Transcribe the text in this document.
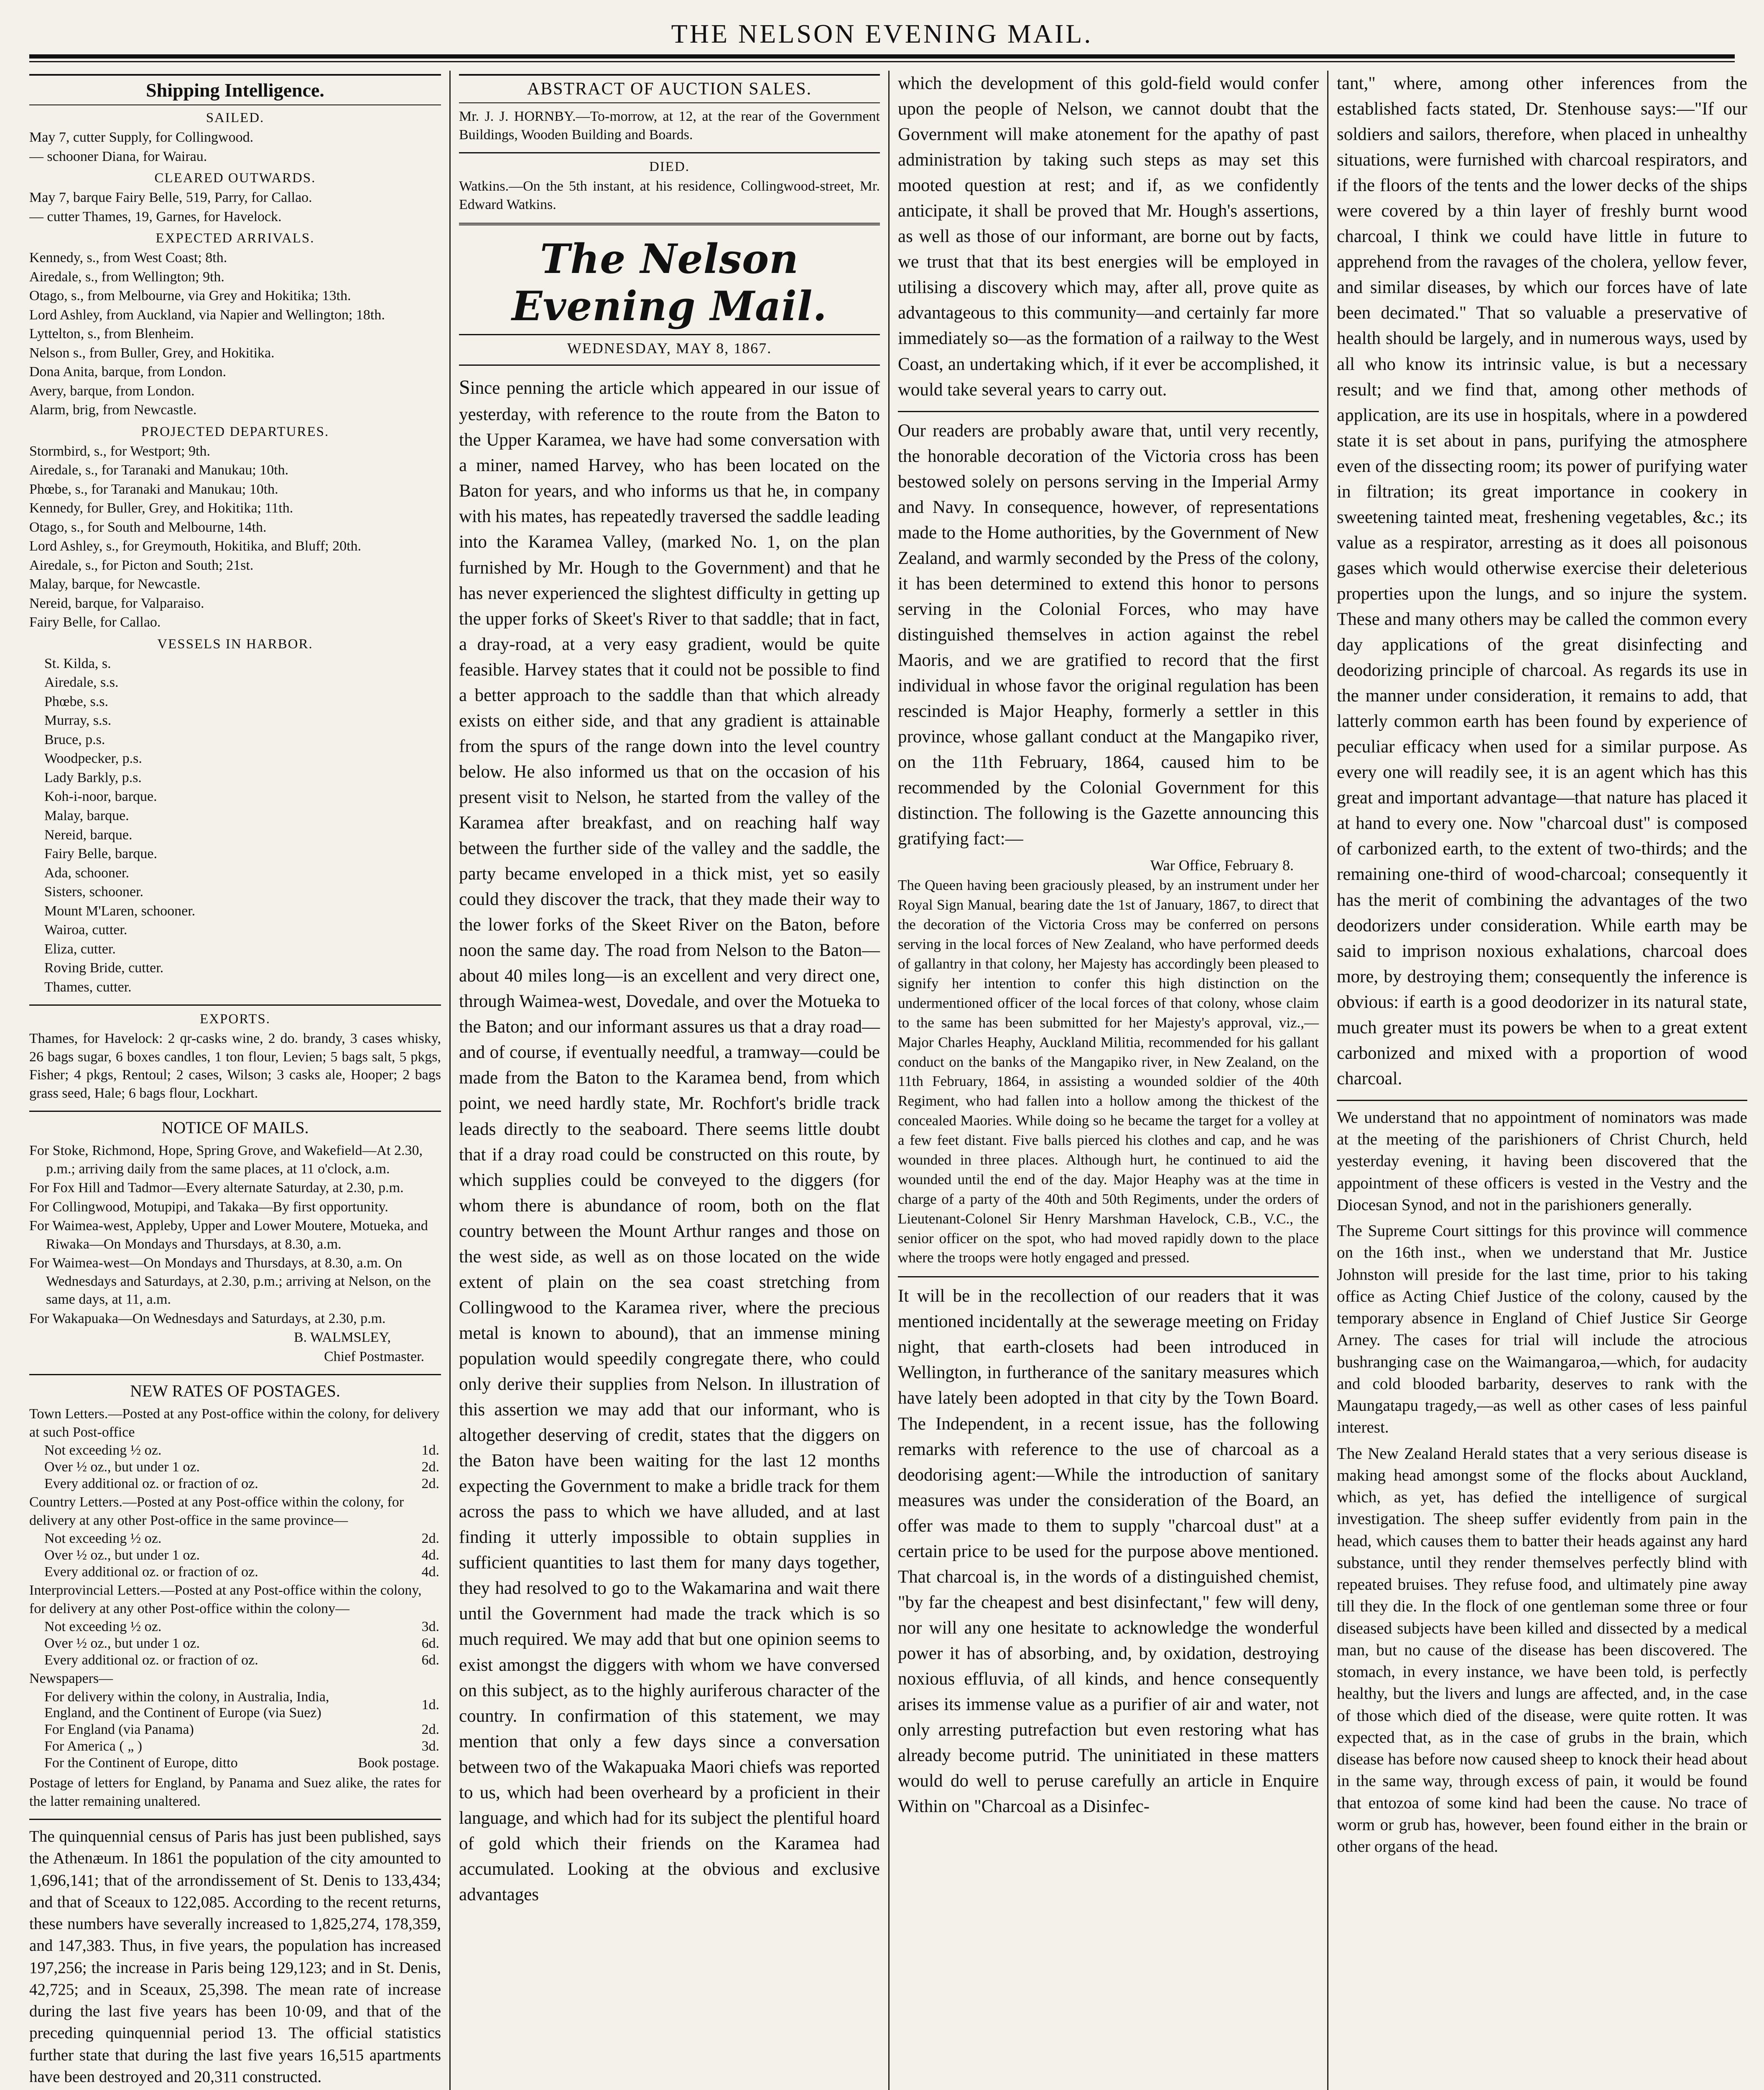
THE NELSON EVENING MAIL.
Shipping Intelligence.
SAILED.
May 7, cutter Supply, for Collingwood.
— schooner Diana, for Wairau.
CLEARED OUTWARDS.
May 7, barque Fairy Belle, 519, Parry, for Callao.
— cutter Thames, 19, Garnes, for Havelock.
EXPECTED ARRIVALS.
Kennedy, s., from West Coast; 8th.
Airedale, s., from Wellington; 9th.
Otago, s., from Melbourne, via Grey and Hokitika; 13th.
Lord Ashley, from Auckland, via Napier and Wellington; 18th.
Lyttelton, s., from Blenheim.
Nelson s., from Buller, Grey, and Hokitika.
Dona Anita, barque, from London.
Avery, barque, from London.
Alarm, brig, from Newcastle.
PROJECTED DEPARTURES.
Stormbird, s., for Westport; 9th.
Airedale, s., for Taranaki and Manukau; 10th.
Phœbe, s., for Taranaki and Manukau; 10th.
Kennedy, for Buller, Grey, and Hokitika; 11th.
Otago, s., for South and Melbourne, 14th.
Lord Ashley, s., for Greymouth, Hokitika, and Bluff; 20th.
Airedale, s., for Picton and South; 21st.
Malay, barque, for Newcastle.
Nereid, barque, for Valparaiso.
Fairy Belle, for Callao.
VESSELS IN HARBOR.
St. Kilda, s.
Airedale, s.s.
Phœbe, s.s.
Murray, s.s.
Bruce, p.s.
Woodpecker, p.s.
Lady Barkly, p.s.
Koh-i-noor, barque.
Malay, barque.
Nereid, barque.
Fairy Belle, barque.
Ada, schooner.
Sisters, schooner.
Mount M'Laren, schooner.
Wairoa, cutter.
Eliza, cutter.
Roving Bride, cutter.
Thames, cutter.
EXPORTS.
Thames, for Havelock: 2 qr-casks wine, 2 do. brandy, 3 cases whisky, 26 bags sugar, 6 boxes candles, 1 ton flour, Levien; 5 bags salt, 5 pkgs, Fisher; 4 pkgs, Rentoul; 2 cases, Wilson; 3 casks ale, Hooper; 2 bags grass seed, Hale; 6 bags flour, Lockhart.
NOTICE OF MAILS.
For Stoke, Richmond, Hope, Spring Grove, and Wakefield—At 2.30, p.m.; arriving daily from the same places, at 11 o'clock, a.m.
For Fox Hill and Tadmor—Every alternate Saturday, at 2.30, p.m.
For Collingwood, Motupipi, and Takaka—By first opportunity.
For Waimea-west, Appleby, Upper and Lower Moutere, Motueka, and Riwaka—On Mondays and Thursdays, at 8.30, a.m.
For Waimea-west—On Mondays and Thursdays, at 8.30, a.m. On Wednesdays and Saturdays, at 2.30, p.m.; arriving at Nelson, on the same days, at 11, a.m.
For Wakapuaka—On Wednesdays and Saturdays, at 2.30, p.m.
B. WALMSLEY,
Chief Postmaster.
NEW RATES OF POSTAGES.
Town Letters.—Posted at any Post-office within the colony, for delivery at such Post-office
Not exceeding ½ oz.	1d.
Over ½ oz., but under 1 oz.	2d.
Every additional oz. or fraction of oz.	2d.
Country Letters.—Posted at any Post-office within the colony, for delivery at any other Post-office in the same province—
Not exceeding ½ oz.	2d.
Over ½ oz., but under 1 oz.	4d.
Every additional oz. or fraction of oz.	4d.
Interprovincial Letters.—Posted at any Post-office within the colony, for delivery at any other Post-office within the colony—
Not exceeding ½ oz.	3d.
Over ½ oz., but under 1 oz.	6d.
Every additional oz. or fraction of oz.	6d.
Newspapers—
For delivery within the colony, in Australia, India, England, and the Continent of Europe (via Suez)	1d.
For England (via Panama)	2d.
For America ( „ )	3d.
For the Continent of Europe, ditto	Book postage.
Postage of letters for England, by Panama and Suez alike, the rates for the latter remaining unaltered.

The quinquennial census of Paris has just been published, says the Athenæum. In 1861 the population of the city amounted to 1,696,141; that of the arrondissement of St. Denis to 133,434; and that of Sceaux to 122,085. According to the recent returns, these numbers have severally increased to 1,825,274, 178,359, and 147,383. Thus, in five years, the population has increased 197,256; the increase in Paris being 129,123; and in St. Denis, 42,725; and in Sceaux, 25,398. The mean rate of increase during the last five years has been 10·09, and that of the preceding quinquennial period 13. The official statistics further state that during the last five years 16,515 apartments have been destroyed and 20,311 constructed.

ABSTRACT OF AUCTION SALES.
Mr. J. J. HORNBY.—To-morrow, at 12, at the rear of the Government Buildings, Wooden Building and Boards.
DIED.
Watkins.—On the 5th instant, at his residence, Collingwood-street, Mr. Edward Watkins.
The Nelson Evening Mail.
WEDNESDAY, MAY 8, 1867.

Since penning the article which appeared in our issue of yesterday, with reference to the route from the Baton to the Upper Karamea, we have had some conversation with a miner, named Harvey, who has been located on the Baton for years, and who informs us that he, in company with his mates, has repeatedly traversed the saddle leading into the Karamea Valley, (marked No. 1, on the plan furnished by Mr. Hough to the Government) and that he has never experienced the slightest difficulty in getting up the upper forks of Skeet's River to that saddle; that in fact, a dray-road, at a very easy gradient, would be quite feasible. Harvey states that it could not be possible to find a better approach to the saddle than that which already exists on either side, and that any gradient is attainable from the spurs of the range down into the level country below. He also informed us that on the occasion of his present visit to Nelson, he started from the valley of the Karamea after breakfast, and on reaching half way between the further side of the valley and the saddle, the party became enveloped in a thick mist, yet so easily could they discover the track, that they made their way to the lower forks of the Skeet River on the Baton, before noon the same day. The road from Nelson to the Baton—about 40 miles long—is an excellent and very direct one, through Waimea-west, Dovedale, and over the Motueka to the Baton; and our informant assures us that a dray road—and of course, if eventually needful, a tramway—could be made from the Baton to the Karamea bend, from which point, we need hardly state, Mr. Rochfort's bridle track leads directly to the seaboard. There seems little doubt that if a dray road could be constructed on this route, by which supplies could be conveyed to the diggers (for whom there is abundance of room, both on the flat country between the Mount Arthur ranges and those on the west side, as well as on those located on the wide extent of plain on the sea coast stretching from Collingwood to the Karamea river, where the precious metal is known to abound), that an immense mining population would speedily congregate there, who could only derive their supplies from Nelson. In illustration of this assertion we may add that our informant, who is altogether deserving of credit, states that the diggers on the Baton have been waiting for the last 12 months expecting the Government to make a bridle track for them across the pass to which we have alluded, and at last finding it utterly impossible to obtain supplies in sufficient quantities to last them for many days together, they had resolved to go to the Wakamarina and wait there until the Government had made the track which is so much required. We may add that but one opinion seems to exist amongst the diggers with whom we have conversed on this subject, as to the highly auriferous character of the country. In confirmation of this statement, we may mention that only a few days since a conversation between two of the Wakapuaka Maori chiefs was reported to us, which had been overheard by a proficient in their language, and which had for its subject the plentiful hoard of gold which their friends on the Karamea had accumulated. Looking at the obvious and exclusive advantages

which the development of this gold-field would confer upon the people of Nelson, we cannot doubt that the Government will make atonement for the apathy of past administration by taking such steps as may set this mooted question at rest; and if, as we confidently anticipate, it shall be proved that Mr. Hough's assertions, as well as those of our informant, are borne out by facts, we trust that that its best energies will be employed in utilising a discovery which may, after all, prove quite as advantageous to this community—and certainly far more immediately so—as the formation of a railway to the West Coast, an undertaking which, if it ever be accomplished, it would take several years to carry out.

Our readers are probably aware that, until very recently, the honorable decoration of the Victoria cross has been bestowed solely on persons serving in the Imperial Army and Navy. In consequence, however, of representations made to the Home authorities, by the Government of New Zealand, and warmly seconded by the Press of the colony, it has been determined to extend this honor to persons serving in the Colonial Forces, who may have distinguished themselves in action against the rebel Maoris, and we are gratified to record that the first individual in whose favor the original regulation has been rescinded is Major Heaphy, formerly a settler in this province, whose gallant conduct at the Mangapiko river, on the 11th February, 1864, caused him to be recommended by the Colonial Government for this distinction. The following is the Gazette announcing this gratifying fact:—

War Office, February 8.

The Queen having been graciously pleased, by an instrument under her Royal Sign Manual, bearing date the 1st of January, 1867, to direct that the decoration of the Victoria Cross may be conferred on persons serving in the local forces of New Zealand, who have performed deeds of gallantry in that colony, her Majesty has accordingly been pleased to signify her intention to confer this high distinction on the undermentioned officer of the local forces of that colony, whose claim to the same has been submitted for her Majesty's approval, viz.,—Major Charles Heaphy, Auckland Militia, recommended for his gallant conduct on the banks of the Mangapiko river, in New Zealand, on the 11th February, 1864, in assisting a wounded soldier of the 40th Regiment, who had fallen into a hollow among the thickest of the concealed Maories. While doing so he became the target for a volley at a few feet distant. Five balls pierced his clothes and cap, and he was wounded in three places. Although hurt, he continued to aid the wounded until the end of the day. Major Heaphy was at the time in charge of a party of the 40th and 50th Regiments, under the orders of Lieutenant-Colonel Sir Henry Marshman Havelock, C.B., V.C., the senior officer on the spot, who had moved rapidly down to the place where the troops were hotly engaged and pressed.

It will be in the recollection of our readers that it was mentioned incidentally at the sewerage meeting on Friday night, that earth-closets had been introduced in Wellington, in furtherance of the sanitary measures which have lately been adopted in that city by the Town Board. The Independent, in a recent issue, has the following remarks with reference to the use of charcoal as a deodorising agent:—While the introduction of sanitary measures was under the consideration of the Board, an offer was made to them to supply "charcoal dust" at a certain price to be used for the purpose above mentioned. That charcoal is, in the words of a distinguished chemist, "by far the cheapest and best disinfectant," few will deny, nor will any one hesitate to acknowledge the wonderful power it has of absorbing, and, by oxidation, destroying noxious effluvia, of all kinds, and hence consequently arises its immense value as a purifier of air and water, not only arresting putrefaction but even restoring what has already become putrid. The uninitiated in these matters would do well to peruse carefully an article in Enquire Within on "Charcoal as a Disinfec-

tant," where, among other inferences from the established facts stated, Dr. Stenhouse says:—"If our soldiers and sailors, therefore, when placed in unhealthy situations, were furnished with charcoal respirators, and if the floors of the tents and the lower decks of the ships were covered by a thin layer of freshly burnt wood charcoal, I think we could have little in future to apprehend from the ravages of the cholera, yellow fever, and similar diseases, by which our forces have of late been decimated." That so valuable a preservative of health should be largely, and in numerous ways, used by all who know its intrinsic value, is but a necessary result; and we find that, among other methods of application, are its use in hospitals, where in a powdered state it is set about in pans, purifying the atmosphere even of the dissecting room; its power of purifying water in filtration; its great importance in cookery in sweetening tainted meat, freshening vegetables, &c.; its value as a respirator, arresting as it does all poisonous gases which would otherwise exercise their deleterious properties upon the lungs, and so injure the system. These and many others may be called the common every day applications of the great disinfecting and deodorizing principle of charcoal. As regards its use in the manner under consideration, it remains to add, that latterly common earth has been found by experience of peculiar efficacy when used for a similar purpose. As every one will readily see, it is an agent which has this great and important advantage—that nature has placed it at hand to every one. Now "charcoal dust" is composed of carbonized earth, to the extent of two-thirds; and the remaining one-third of wood-charcoal; consequently it has the merit of combining the advantages of the two deodorizers under consideration. While earth may be said to imprison noxious exhalations, charcoal does more, by destroying them; consequently the inference is obvious: if earth is a good deodorizer in its natural state, much greater must its powers be when to a great extent carbonized and mixed with a proportion of wood charcoal.

We understand that no appointment of nominators was made at the meeting of the parishioners of Christ Church, held yesterday evening, it having been discovered that the appointment of these officers is vested in the Vestry and the Diocesan Synod, and not in the parishioners generally.

The Supreme Court sittings for this province will commence on the 16th inst., when we understand that Mr. Justice Johnston will preside for the last time, prior to his taking office as Acting Chief Justice of the colony, caused by the temporary absence in England of Chief Justice Sir George Arney. The cases for trial will include the atrocious bushranging case on the Waimangaroa,—which, for audacity and cold blooded barbarity, deserves to rank with the Maungatapu tragedy,—as well as other cases of less painful interest.

The New Zealand Herald states that a very serious disease is making head amongst some of the flocks about Auckland, which, as yet, has defied the intelligence of surgical investigation. The sheep suffer evidently from pain in the head, which causes them to batter their heads against any hard substance, until they render themselves perfectly blind with repeated bruises. They refuse food, and ultimately pine away till they die. In the flock of one gentleman some three or four diseased subjects have been killed and dissected by a medical man, but no cause of the disease has been discovered. The stomach, in every instance, we have been told, is perfectly healthy, but the livers and lungs are affected, and, in the case of those which died of the disease, were quite rotten. It was expected that, as in the case of grubs in the brain, which disease has before now caused sheep to knock their head about in the same way, through excess of pain, it would be found that entozoa of some kind had been the cause. No trace of worm or grub has, however, been found either in the brain or other organs of the head.
